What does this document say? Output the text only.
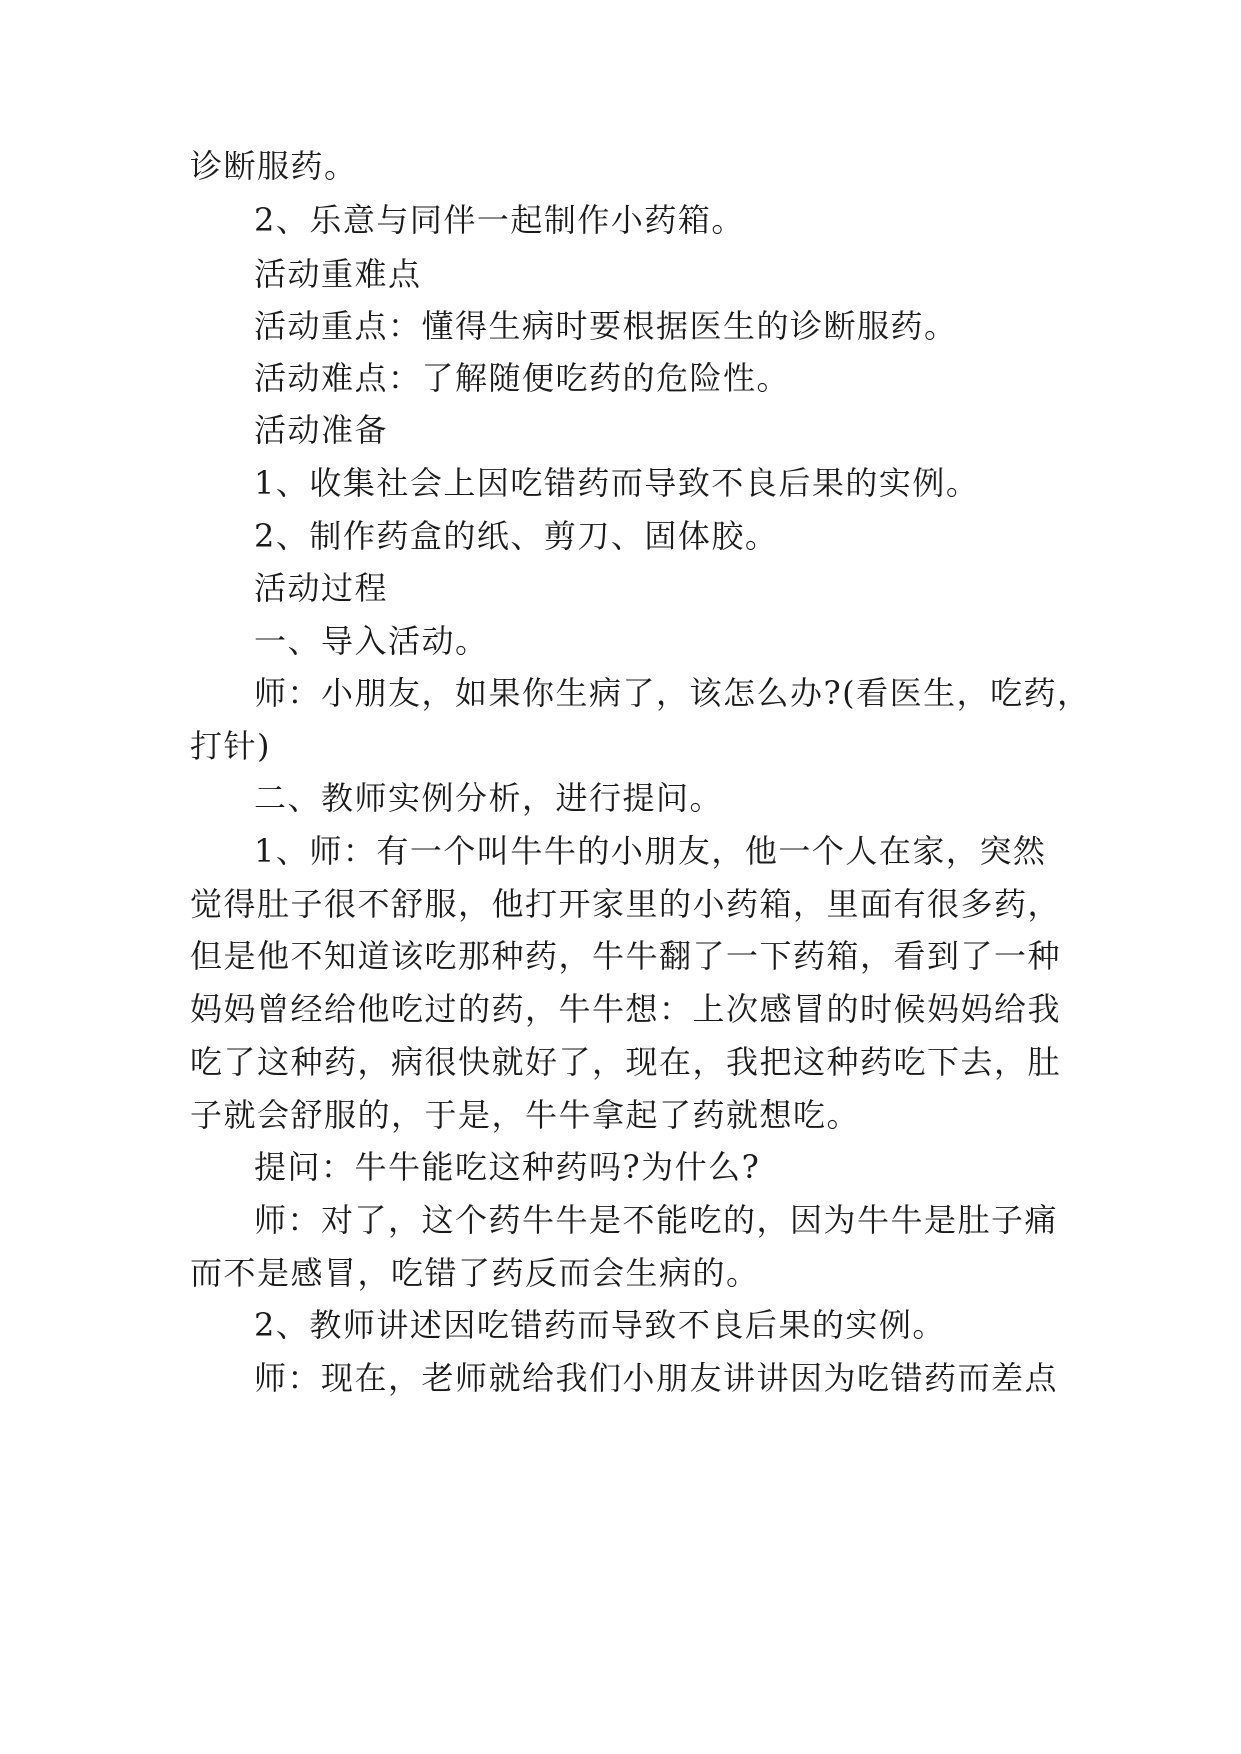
诊断服药。
2、乐意与同伴一起制作小药箱。
活动重难点
活动重点：懂得生病时要根据医生的诊断服药。
活动难点：了解随便吃药的危险性。
活动准备
1、收集社会上因吃错药而导致不良后果的实例。
2、制作药盒的纸、剪刀、固体胶。
活动过程
一、导入活动。
师：小朋友，如果你生病了，该怎么办?(看医生，吃药，
打针)
二、教师实例分析，进行提问。
1、师：有一个叫牛牛的小朋友，他一个人在家，突然
觉得肚子很不舒服，他打开家里的小药箱，里面有很多药，
但是他不知道该吃那种药，牛牛翻了一下药箱，看到了一种
妈妈曾经给他吃过的药，牛牛想：上次感冒的时候妈妈给我
吃了这种药，病很快就好了，现在，我把这种药吃下去，肚
子就会舒服的，于是，牛牛拿起了药就想吃。
提问：牛牛能吃这种药吗?为什么?
师：对了，这个药牛牛是不能吃的，因为牛牛是肚子痛
而不是感冒，吃错了药反而会生病的。
2、教师讲述因吃错药而导致不良后果的实例。
师：现在，老师就给我们小朋友讲讲因为吃错药而差点
